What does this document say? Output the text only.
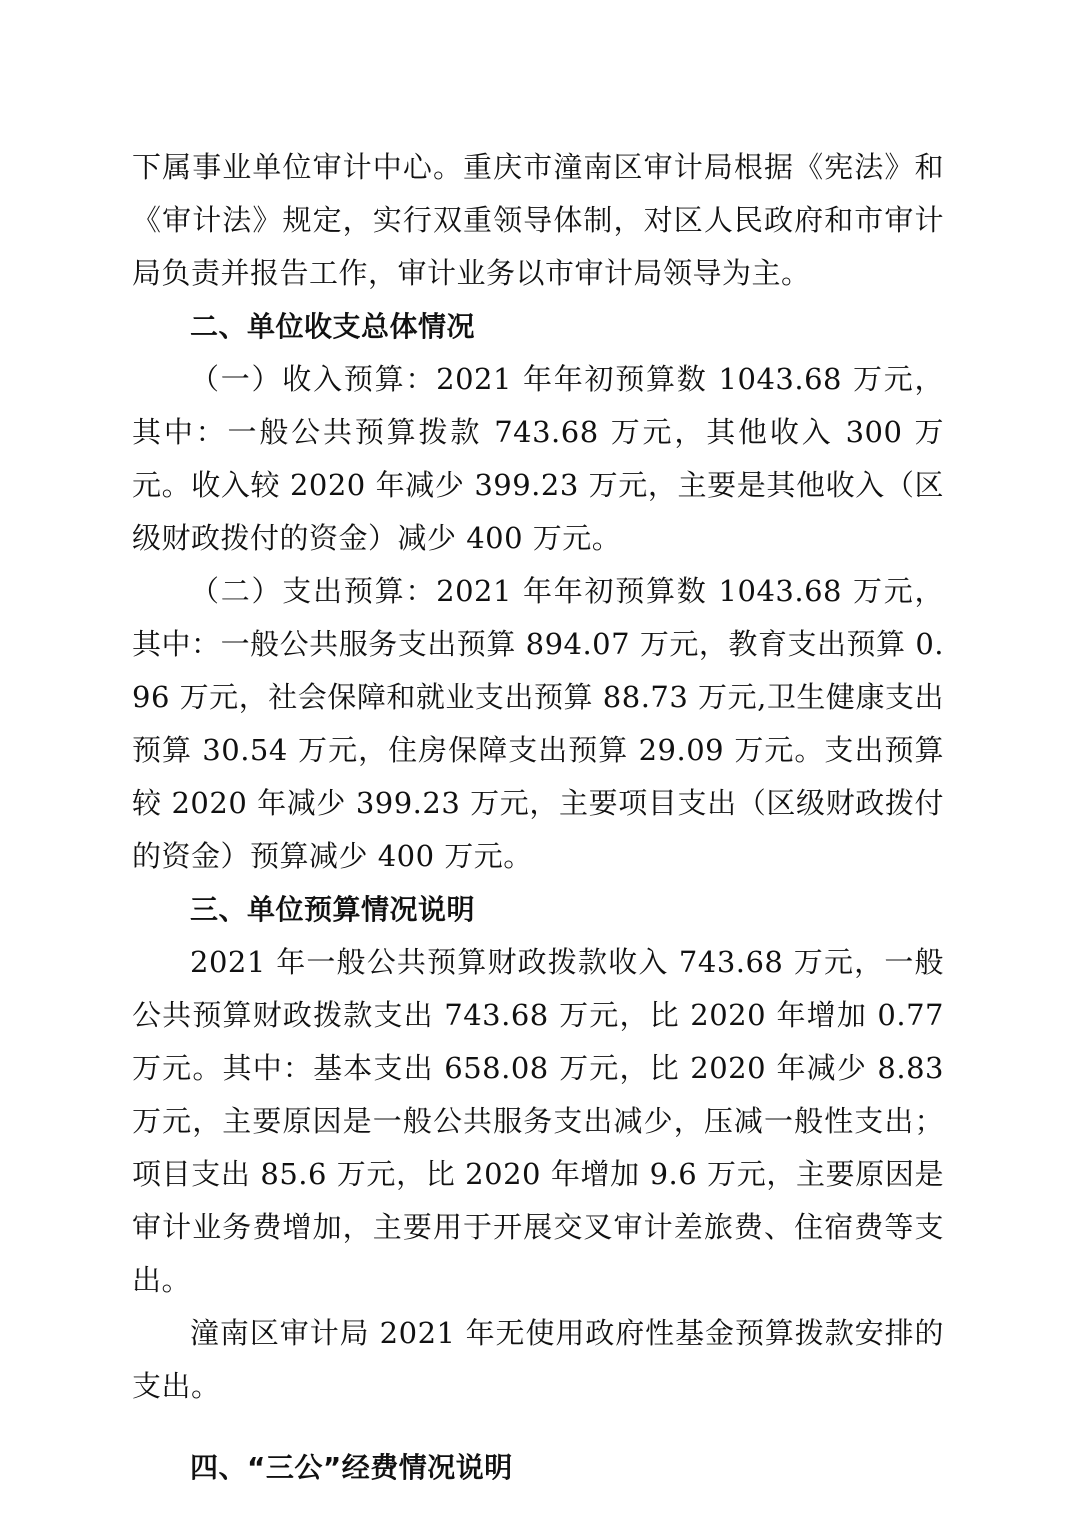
下属事业单位审计中心。重庆市潼南区审计局根据《宪法》和《审计法》规定，实行双重领导体制，对区人民政府和市审计局负责并报告工作，审计业务以市审计局领导为主。

二、单位收支总体情况

（一）收入预算：2021 年年初预算数 1043.68 万元，其中：一般公共预算拨款 743.68 万元，其他收入 300 万元。收入较 2020 年减少 399.23 万元，主要是其他收入（区级财政拨付的资金）减少 400 万元。

（二）支出预算：2021 年年初预算数 1043.68 万元，其中：一般公共服务支出预算 894.07 万元，教育支出预算 0.96 万元，社会保障和就业支出预算 88.73 万元,卫生健康支出预算 30.54 万元，住房保障支出预算 29.09 万元。支出预算较 2020 年减少 399.23 万元，主要项目支出（区级财政拨付的资金）预算减少 400 万元。

三、单位预算情况说明

2021 年一般公共预算财政拨款收入 743.68 万元，一般公共预算财政拨款支出 743.68 万元，比 2020 年增加 0.77 万元。其中：基本支出 658.08 万元，比 2020 年减少 8.83 万元，主要原因是一般公共服务支出减少，压减一般性支出；项目支出 85.6 万元，比 2020 年增加 9.6 万元，主要原因是审计业务费增加，主要用于开展交叉审计差旅费、住宿费等支出。

潼南区审计局 2021 年无使用政府性基金预算拨款安排的支出。

四、“三公”经费情况说明
